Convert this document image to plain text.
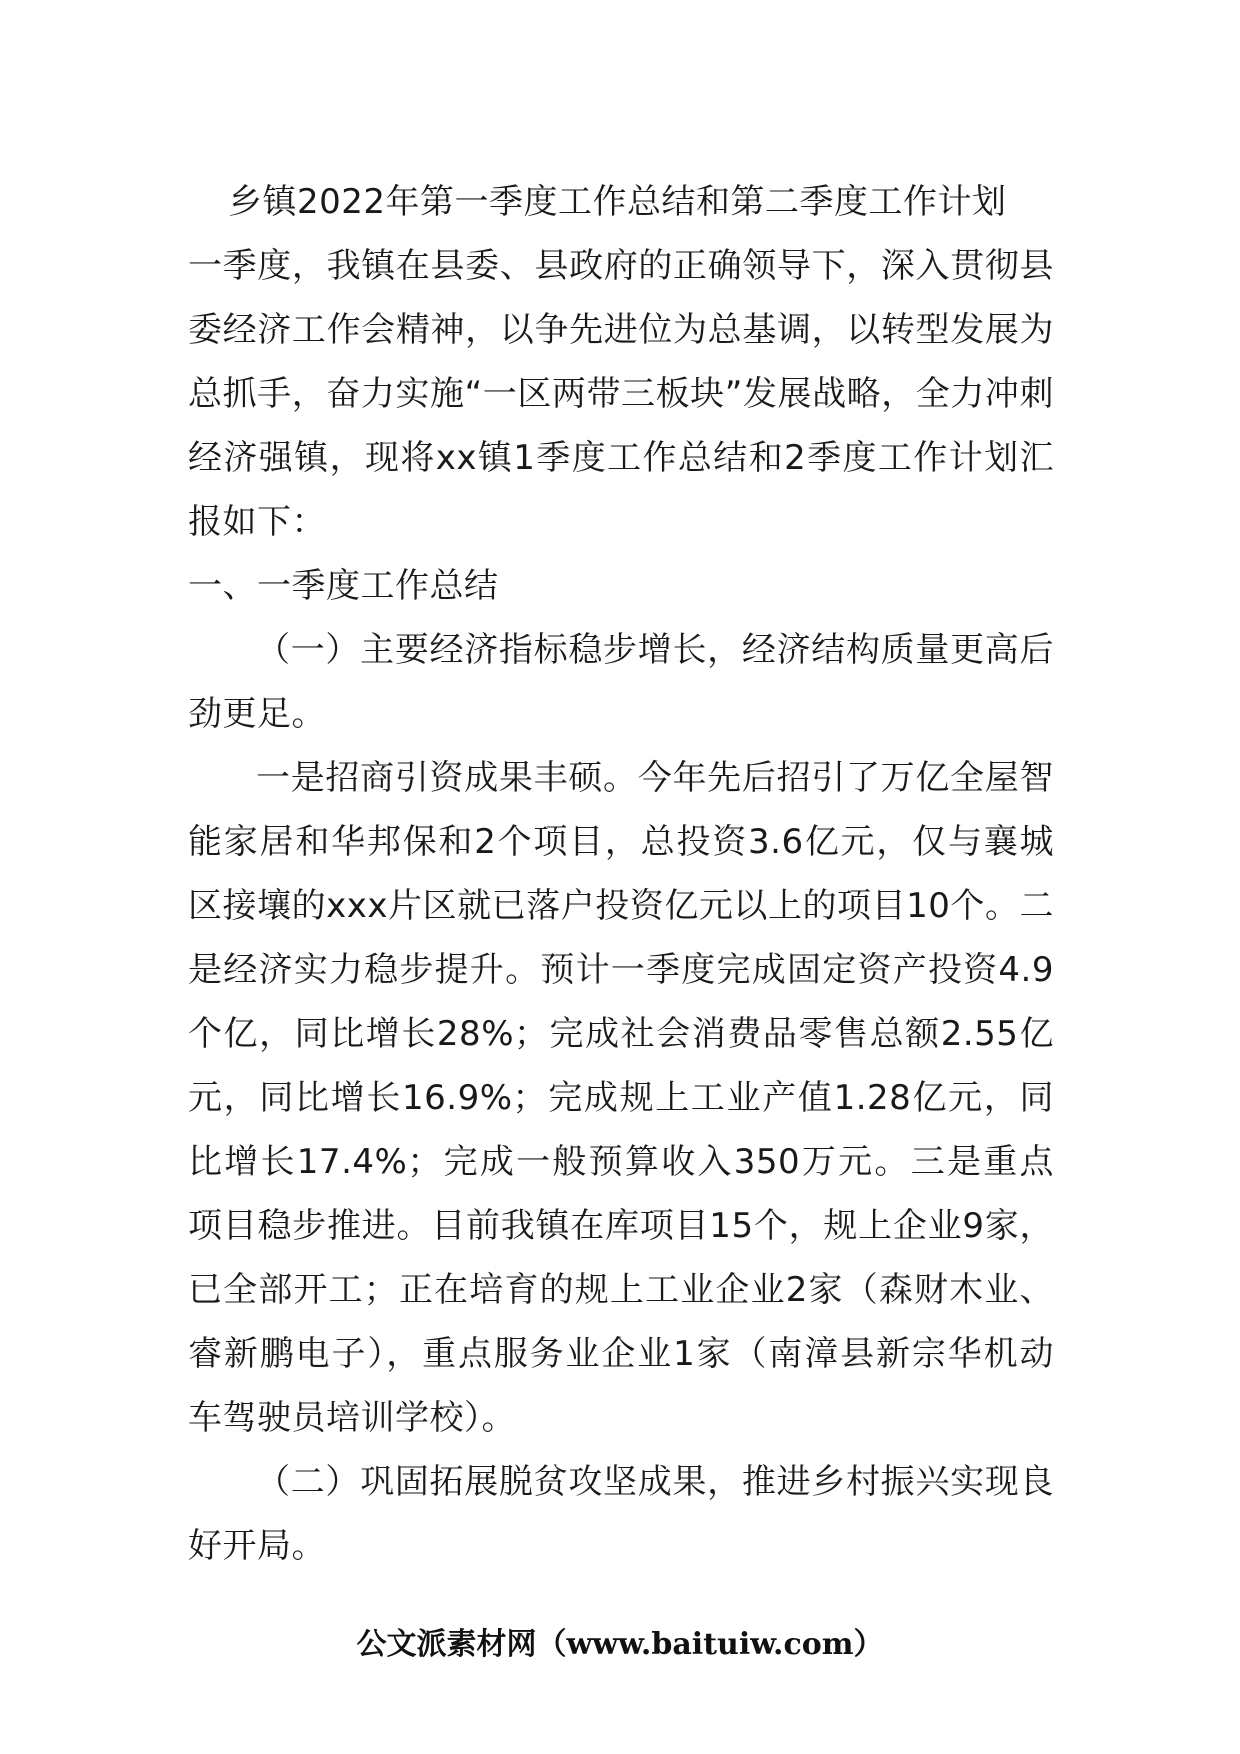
乡镇2022年第一季度工作总结和第二季度工作计划

一季度，我镇在县委、县政府的正确领导下，深入贯彻县委经济工作会精神，以争先进位为总基调，以转型发展为总抓手，奋力实施“一区两带三板块”发展战略，全力冲刺经济强镇，现将xx镇1季度工作总结和2季度工作计划汇报如下：

一、一季度工作总结

（一）主要经济指标稳步增长，经济结构质量更高后劲更足。

一是招商引资成果丰硕。今年先后招引了万亿全屋智能家居和华邦保和2个项目，总投资3.6亿元，仅与襄城区接壤的xxx片区就已落户投资亿元以上的项目10个。二是经济实力稳步提升。预计一季度完成固定资产投资4.9个亿，同比增长28%；完成社会消费品零售总额2.55亿元，同比增长16.9%；完成规上工业产值1.28亿元，同比增长17.4%；完成一般预算收入350万元。三是重点项目稳步推进。目前我镇在库项目15个，规上企业9家，已全部开工；正在培育的规上工业企业2家（森财木业、睿新鹏电子），重点服务业企业1家（南漳县新宗华机动车驾驶员培训学校）。

（二）巩固拓展脱贫攻坚成果，推进乡村振兴实现良好开局。

公文派素材网（www.baituiw.com）
